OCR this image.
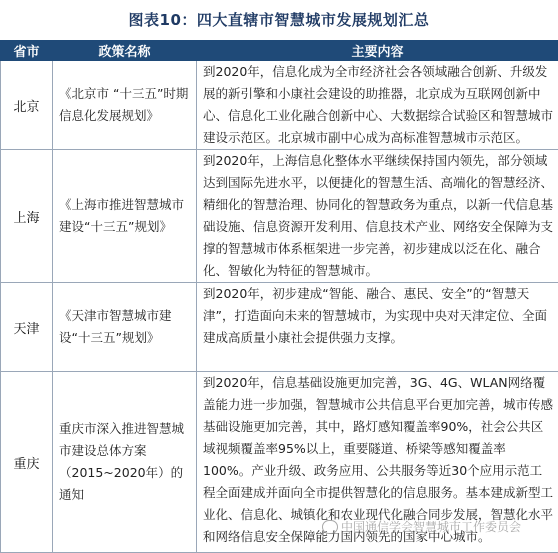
图表10：四大直辖市智慧城市发展规划汇总
省市	政策名称	主要内容
北京	《北京市 “十三五”时期信息化发展规划》	到2020年，信息化成为全市经济社会各领域融合创新、升级发展的新引擎和小康社会建设的助推器，北京成为互联网创新中心、信息化工业化融合创新中心、大数据综合试验区和智慧城市建设示范区。北京城市副中心成为高标准智慧城市示范区。
上海	《上海市推进智慧城市建设“十三五”规划》	到2020年，上海信息化整体水平继续保持国内领先，部分领域达到国际先进水平，以便捷化的智慧生活、高端化的智慧经济、精细化的智慧治理、协同化的智慧政务为重点，以新一代信息基础设施、信息资源开发利用、信息技术产业、网络安全保障为支撑的智慧城市体系框架进一步完善，初步建成以泛在化、融合化、智敏化为特征的智慧城市。
天津	《天津市智慧城市建设“十三五”规划》	到2020年，初步建成“智能、融合、惠民、安全”的“智慧天津”，打造面向未来的智慧城市，为实现中央对天津定位、全面建成高质量小康社会提供强力支撑。
重庆	重庆市深入推进智慧城市建设总体方案（2015~2020年）的通知	到2020年，信息基础设施更加完善，3G、4G、WLAN网络覆盖能力进一步加强，智慧城市公共信息平台更加完善，城市传感基础设施更加完善，其中，路灯感知覆盖率90%，社会公共区域视频覆盖率95%以上，重要隧道、桥梁等感知覆盖率100%。产业升级、政务应用、公共服务等近30个应用示范工程全面建成并面向全市提供智慧化的信息服务。基本建成新型工业化、信息化、城镇化和农业现代化融合同步发展，智慧化水平和网络信息安全保障能力国内领先的国家中心城市。
中国通信学会智慧城市工作委员会
